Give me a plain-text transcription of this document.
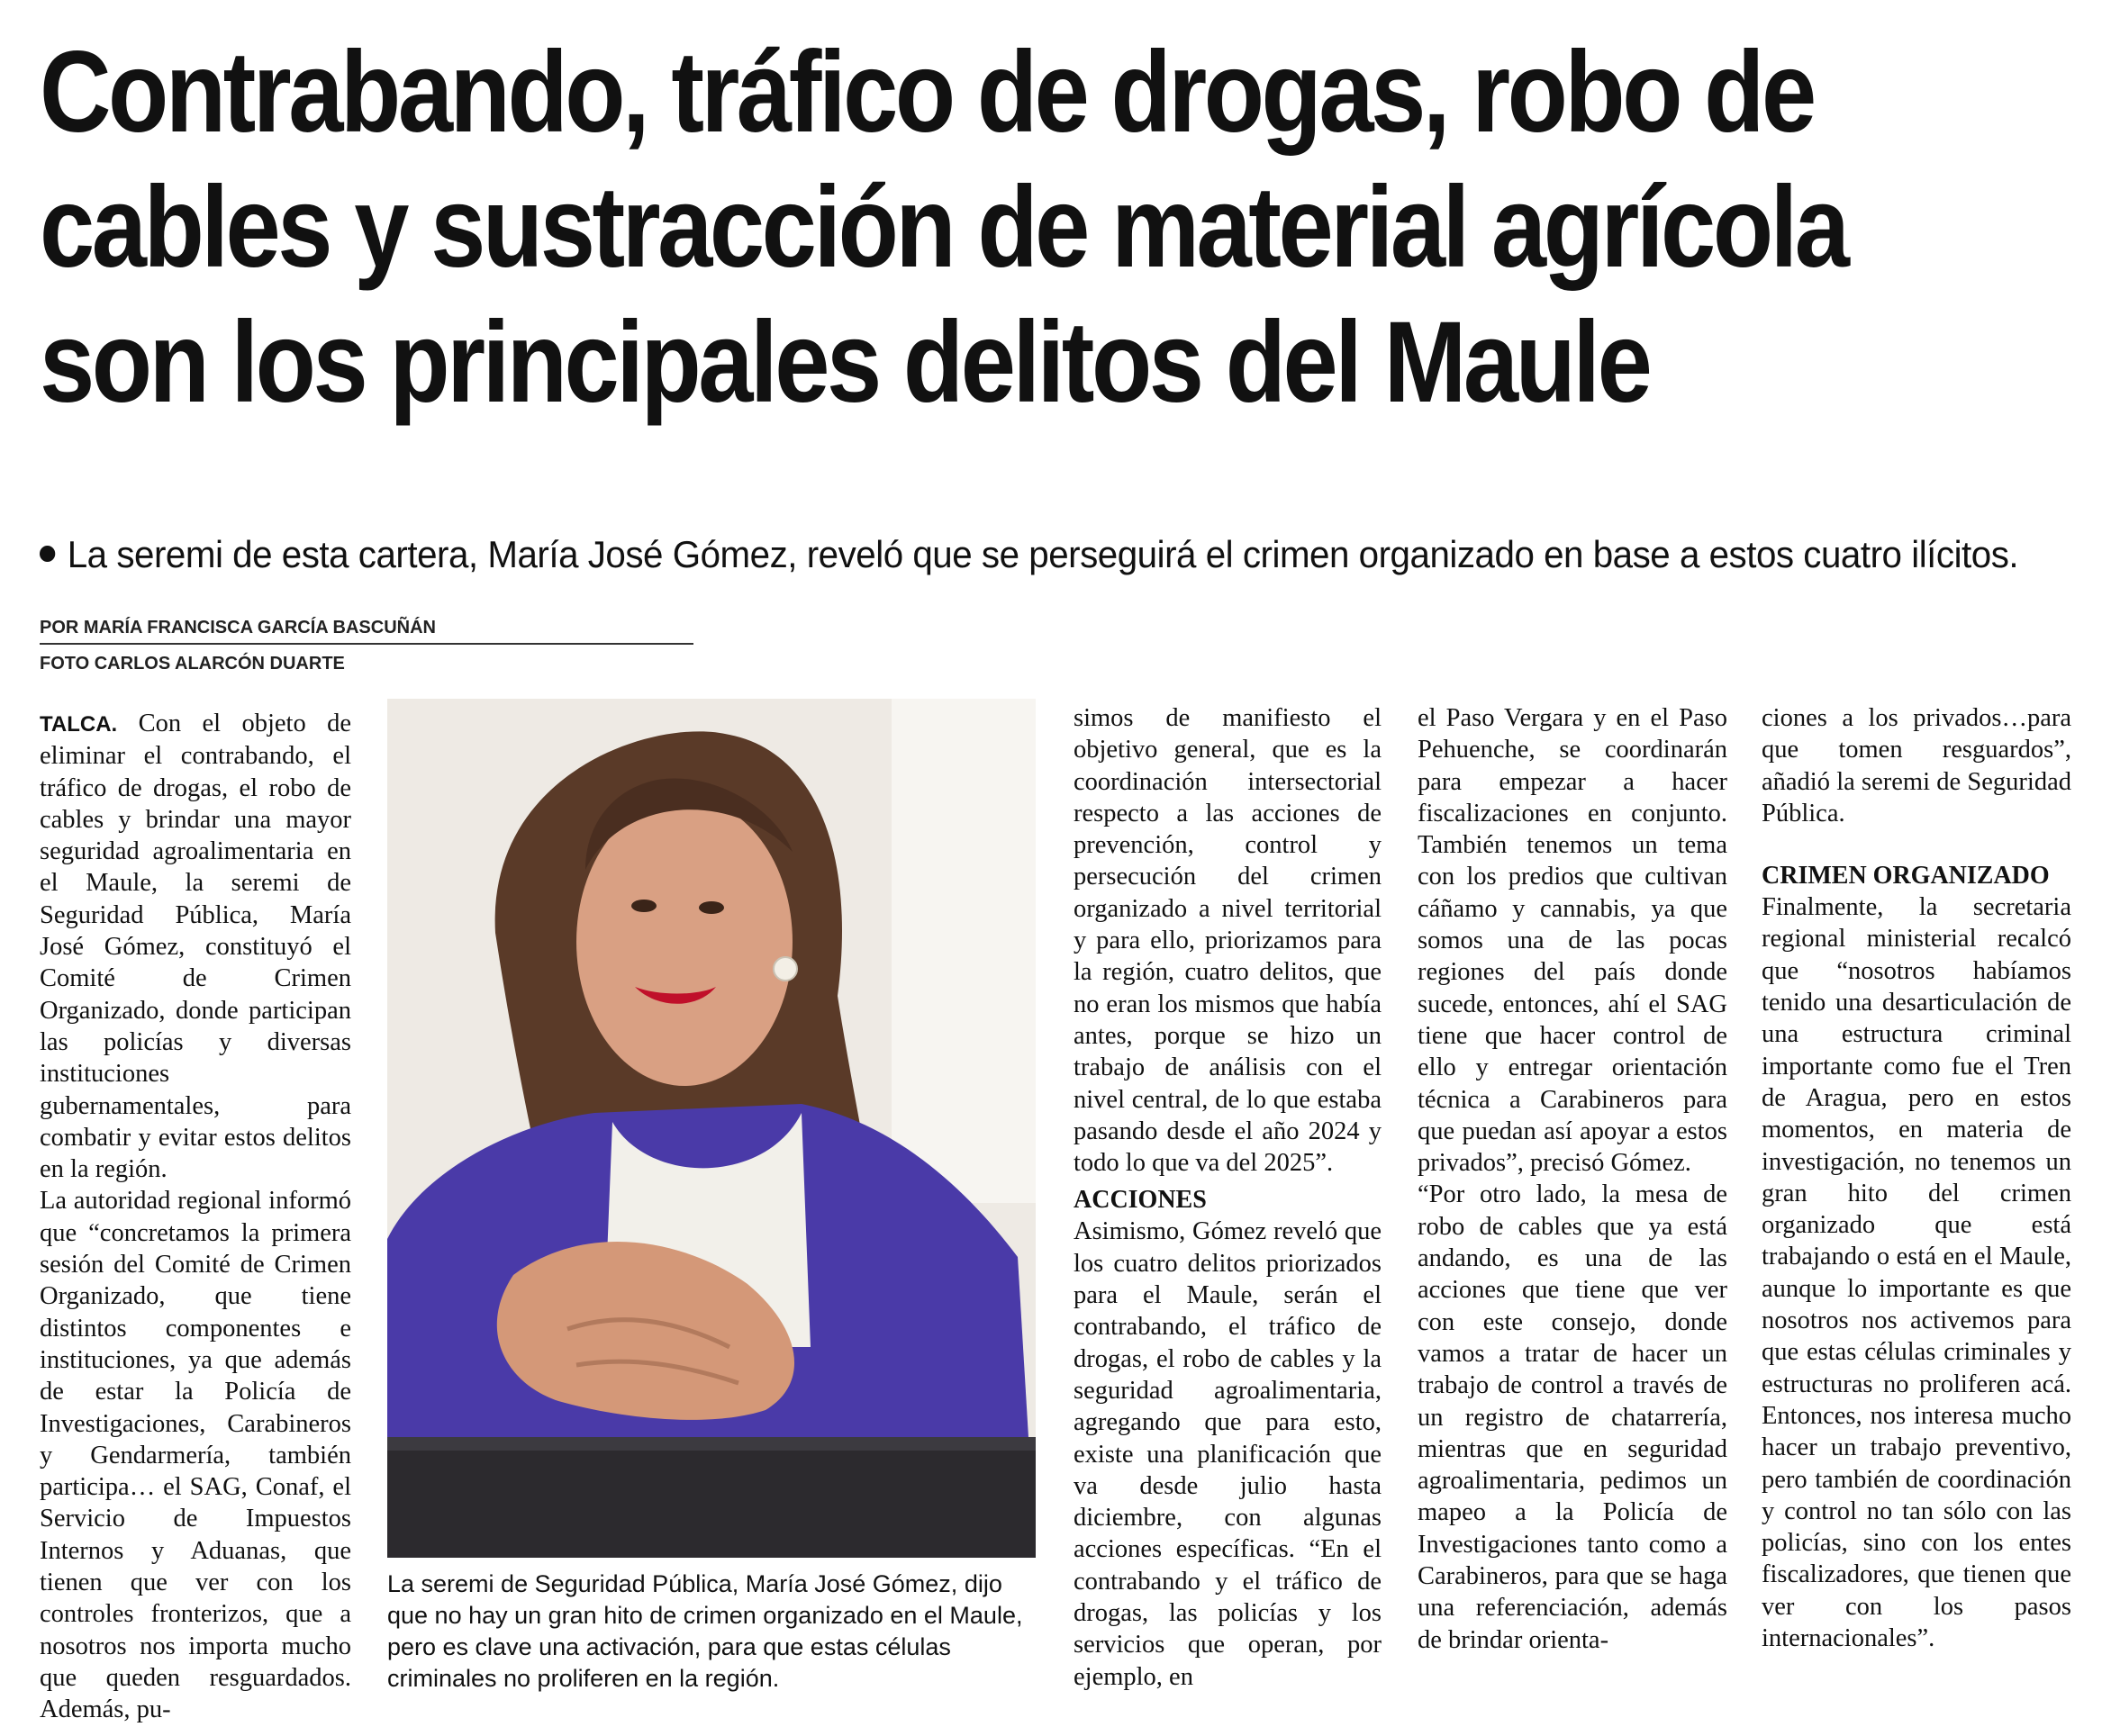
Contrabando, tráfico de drogas, robo de
cables y sustracción de material agrícola
son los principales delitos del Maule
La seremi de esta cartera, María José Gómez, reveló que se perseguirá el crimen organizado en base a estos cuatro ilícitos.
POR MARÍA FRANCISCA GARCÍA BASCUÑÁN
FOTO CARLOS ALARCÓN DUARTE

TALCA. Con el objeto de eliminar el contrabando, el tráfico de drogas, el robo de cables y brindar una mayor seguridad agroalimentaria en el Maule, la seremi de Seguridad Pública, María José Gómez, constituyó el Comité de Crimen Organizado, donde participan las policías y diversas instituciones gubernamentales, para combatir y evitar estos delitos en la región.

La autoridad regional informó que “concretamos la primera sesión del Comité de Crimen Organizado, que tiene distintos componentes e instituciones, ya que además de estar la Policía de Investigaciones, Carabineros y Gendarmería, también participa… el SAG, Conaf, el Servicio de Impuestos Internos y Aduanas, que tienen que ver con los controles fronterizos, que a nosotros nos importa mucho que queden resguardados. Además, pu-

La seremi de Seguridad Pública, María José Gómez, dijo que no hay un gran hito de crimen organizado en el Maule, pero es clave una activación, para que estas células criminales no proliferen en la región.

simos de manifiesto el objetivo general, que es la coordinación intersectorial respecto a las acciones de prevención, control y persecución del crimen organizado a nivel territorial y para ello, priorizamos para la región, cuatro delitos, que no eran los mismos que había antes, porque se hizo un trabajo de análisis con el nivel central, de lo que estaba pasando desde el año 2024 y todo lo que va del 2025”.

ACCIONES

Asimismo, Gómez reveló que los cuatro delitos priorizados para el Maule, serán el contrabando, el tráfico de drogas, el robo de cables y la seguridad agroalimentaria, agregando que para esto, existe una planificación que va desde julio hasta diciembre, con algunas acciones específicas. “En el contrabando y el tráfico de drogas, las policías y los servicios que operan, por ejemplo, en

el Paso Vergara y en el Paso Pehuenche, se coordinarán para empezar a hacer fiscalizaciones en conjunto. También tenemos un tema con los predios que cultivan cáñamo y cannabis, ya que somos una de las pocas regiones del país donde sucede, entonces, ahí el SAG tiene que hacer control de ello y entregar orientación técnica a Carabineros para que puedan así apoyar a estos privados”, precisó Gómez.

“Por otro lado, la mesa de robo de cables que ya está andando, es una de las acciones que tiene que ver con este consejo, donde vamos a tratar de hacer un trabajo de control a través de un registro de chatarrería, mientras que en seguridad agroalimentaria, pedimos un mapeo a la Policía de Investigaciones tanto como a Carabineros, para que se haga una referenciación, además de brindar orienta-

ciones a los privados…para que tomen resguardos”, añadió la seremi de Seguridad Pública.

CRIMEN ORGANIZADO

Finalmente, la secretaria regional ministerial recalcó que “nosotros habíamos tenido una desarticulación de una estructura criminal importante como fue el Tren de Aragua, pero en estos momentos, en materia de investigación, no tenemos un gran hito del crimen organizado que está trabajando o está en el Maule, aunque lo importante es que nosotros nos activemos para que estas células criminales y estructuras no proliferen acá. Entonces, nos interesa mucho hacer un trabajo preventivo, pero también de coordinación y control no tan sólo con las policías, sino con los entes fiscalizadores, que tienen que ver con los pasos internacionales”.
